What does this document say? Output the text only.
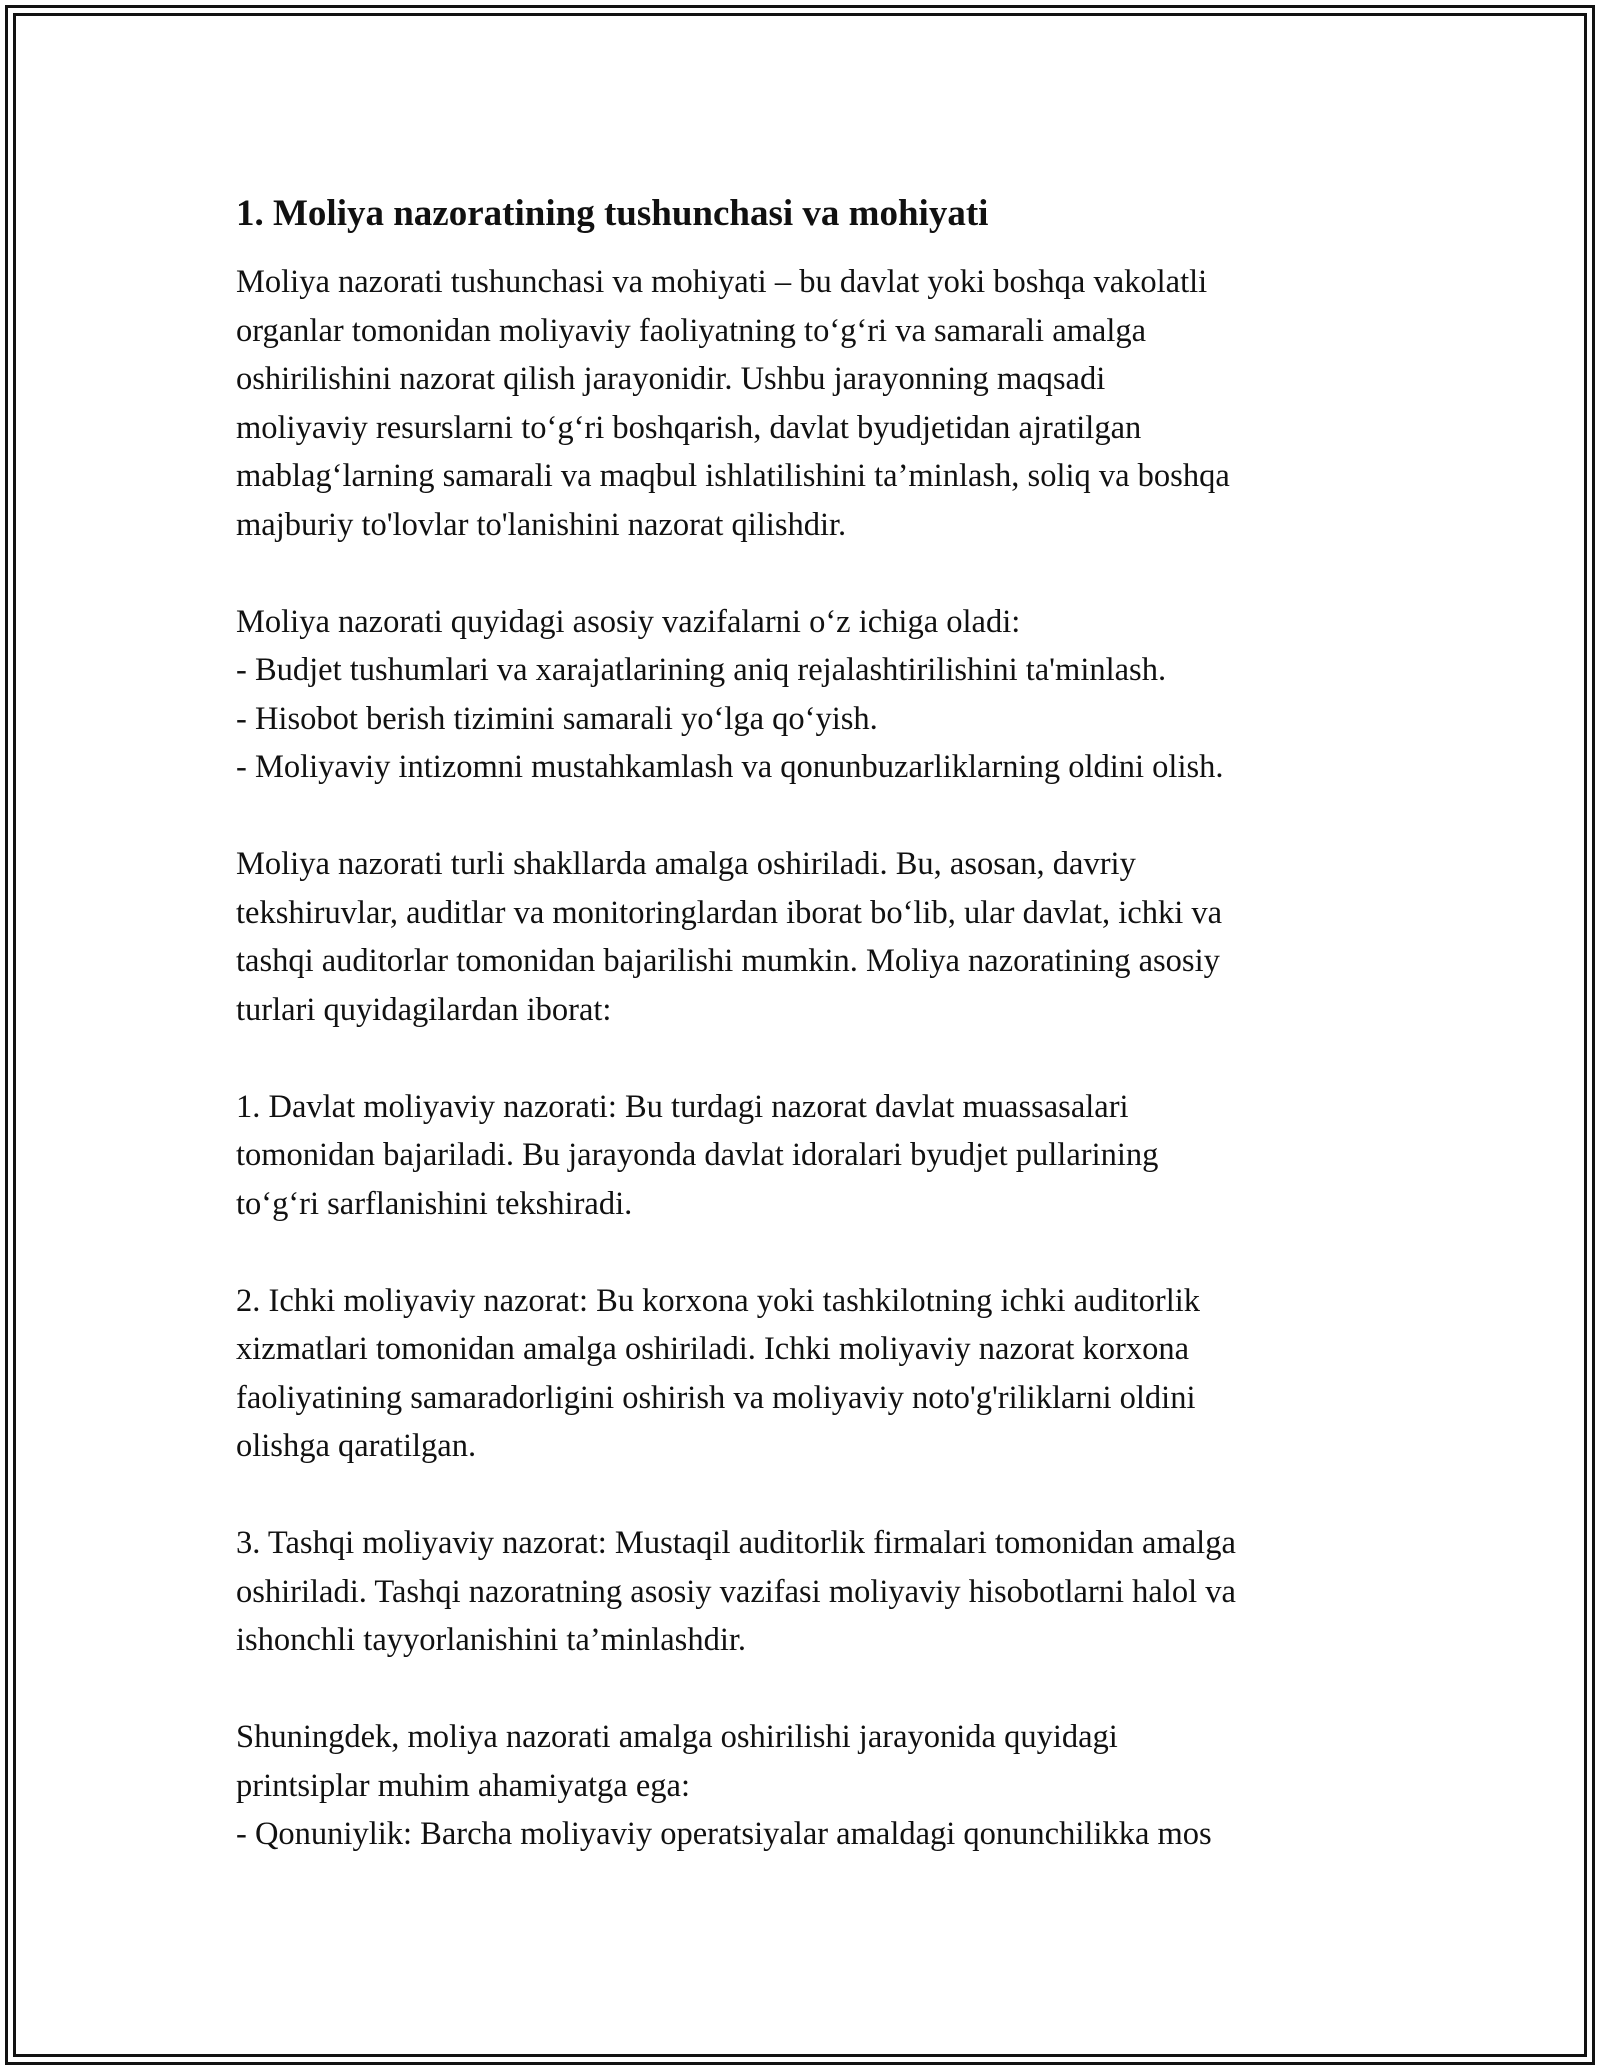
1. Moliya nazoratining tushunchasi va mohiyati
Moliya nazorati tushunchasi va mohiyati – bu davlat yoki boshqa vakolatli
organlar tomonidan moliyaviy faoliyatning to‘g‘ri va samarali amalga
oshirilishini nazorat qilish jarayonidir. Ushbu jarayonning maqsadi
moliyaviy resurslarni to‘g‘ri boshqarish, davlat byudjetidan ajratilgan
mablag‘larning samarali va maqbul ishlatilishini ta’minlash, soliq va boshqa
majburiy to'lovlar to'lanishini nazorat qilishdir.
Moliya nazorati quyidagi asosiy vazifalarni o‘z ichiga oladi:
- Budjet tushumlari va xarajatlarining aniq rejalashtirilishini ta'minlash.
- Hisobot berish tizimini samarali yo‘lga qo‘yish.
- Moliyaviy intizomni mustahkamlash va qonunbuzarliklarning oldini olish.
Moliya nazorati turli shakllarda amalga oshiriladi. Bu, asosan, davriy
tekshiruvlar, auditlar va monitoringlardan iborat bo‘lib, ular davlat, ichki va
tashqi auditorlar tomonidan bajarilishi mumkin. Moliya nazoratining asosiy
turlari quyidagilardan iborat:
1. Davlat moliyaviy nazorati: Bu turdagi nazorat davlat muassasalari
tomonidan bajariladi. Bu jarayonda davlat idoralari byudjet pullarining
to‘g‘ri sarflanishini tekshiradi.
2. Ichki moliyaviy nazorat: Bu korxona yoki tashkilotning ichki auditorlik
xizmatlari tomonidan amalga oshiriladi. Ichki moliyaviy nazorat korxona
faoliyatining samaradorligini oshirish va moliyaviy noto'g'riliklarni oldini
olishga qaratilgan.
3. Tashqi moliyaviy nazorat: Mustaqil auditorlik firmalari tomonidan amalga
oshiriladi. Tashqi nazoratning asosiy vazifasi moliyaviy hisobotlarni halol va
ishonchli tayyorlanishini ta’minlashdir.
Shuningdek, moliya nazorati amalga oshirilishi jarayonida quyidagi
printsiplar muhim ahamiyatga ega:
- Qonuniylik: Barcha moliyaviy operatsiyalar amaldagi qonunchilikka mos
